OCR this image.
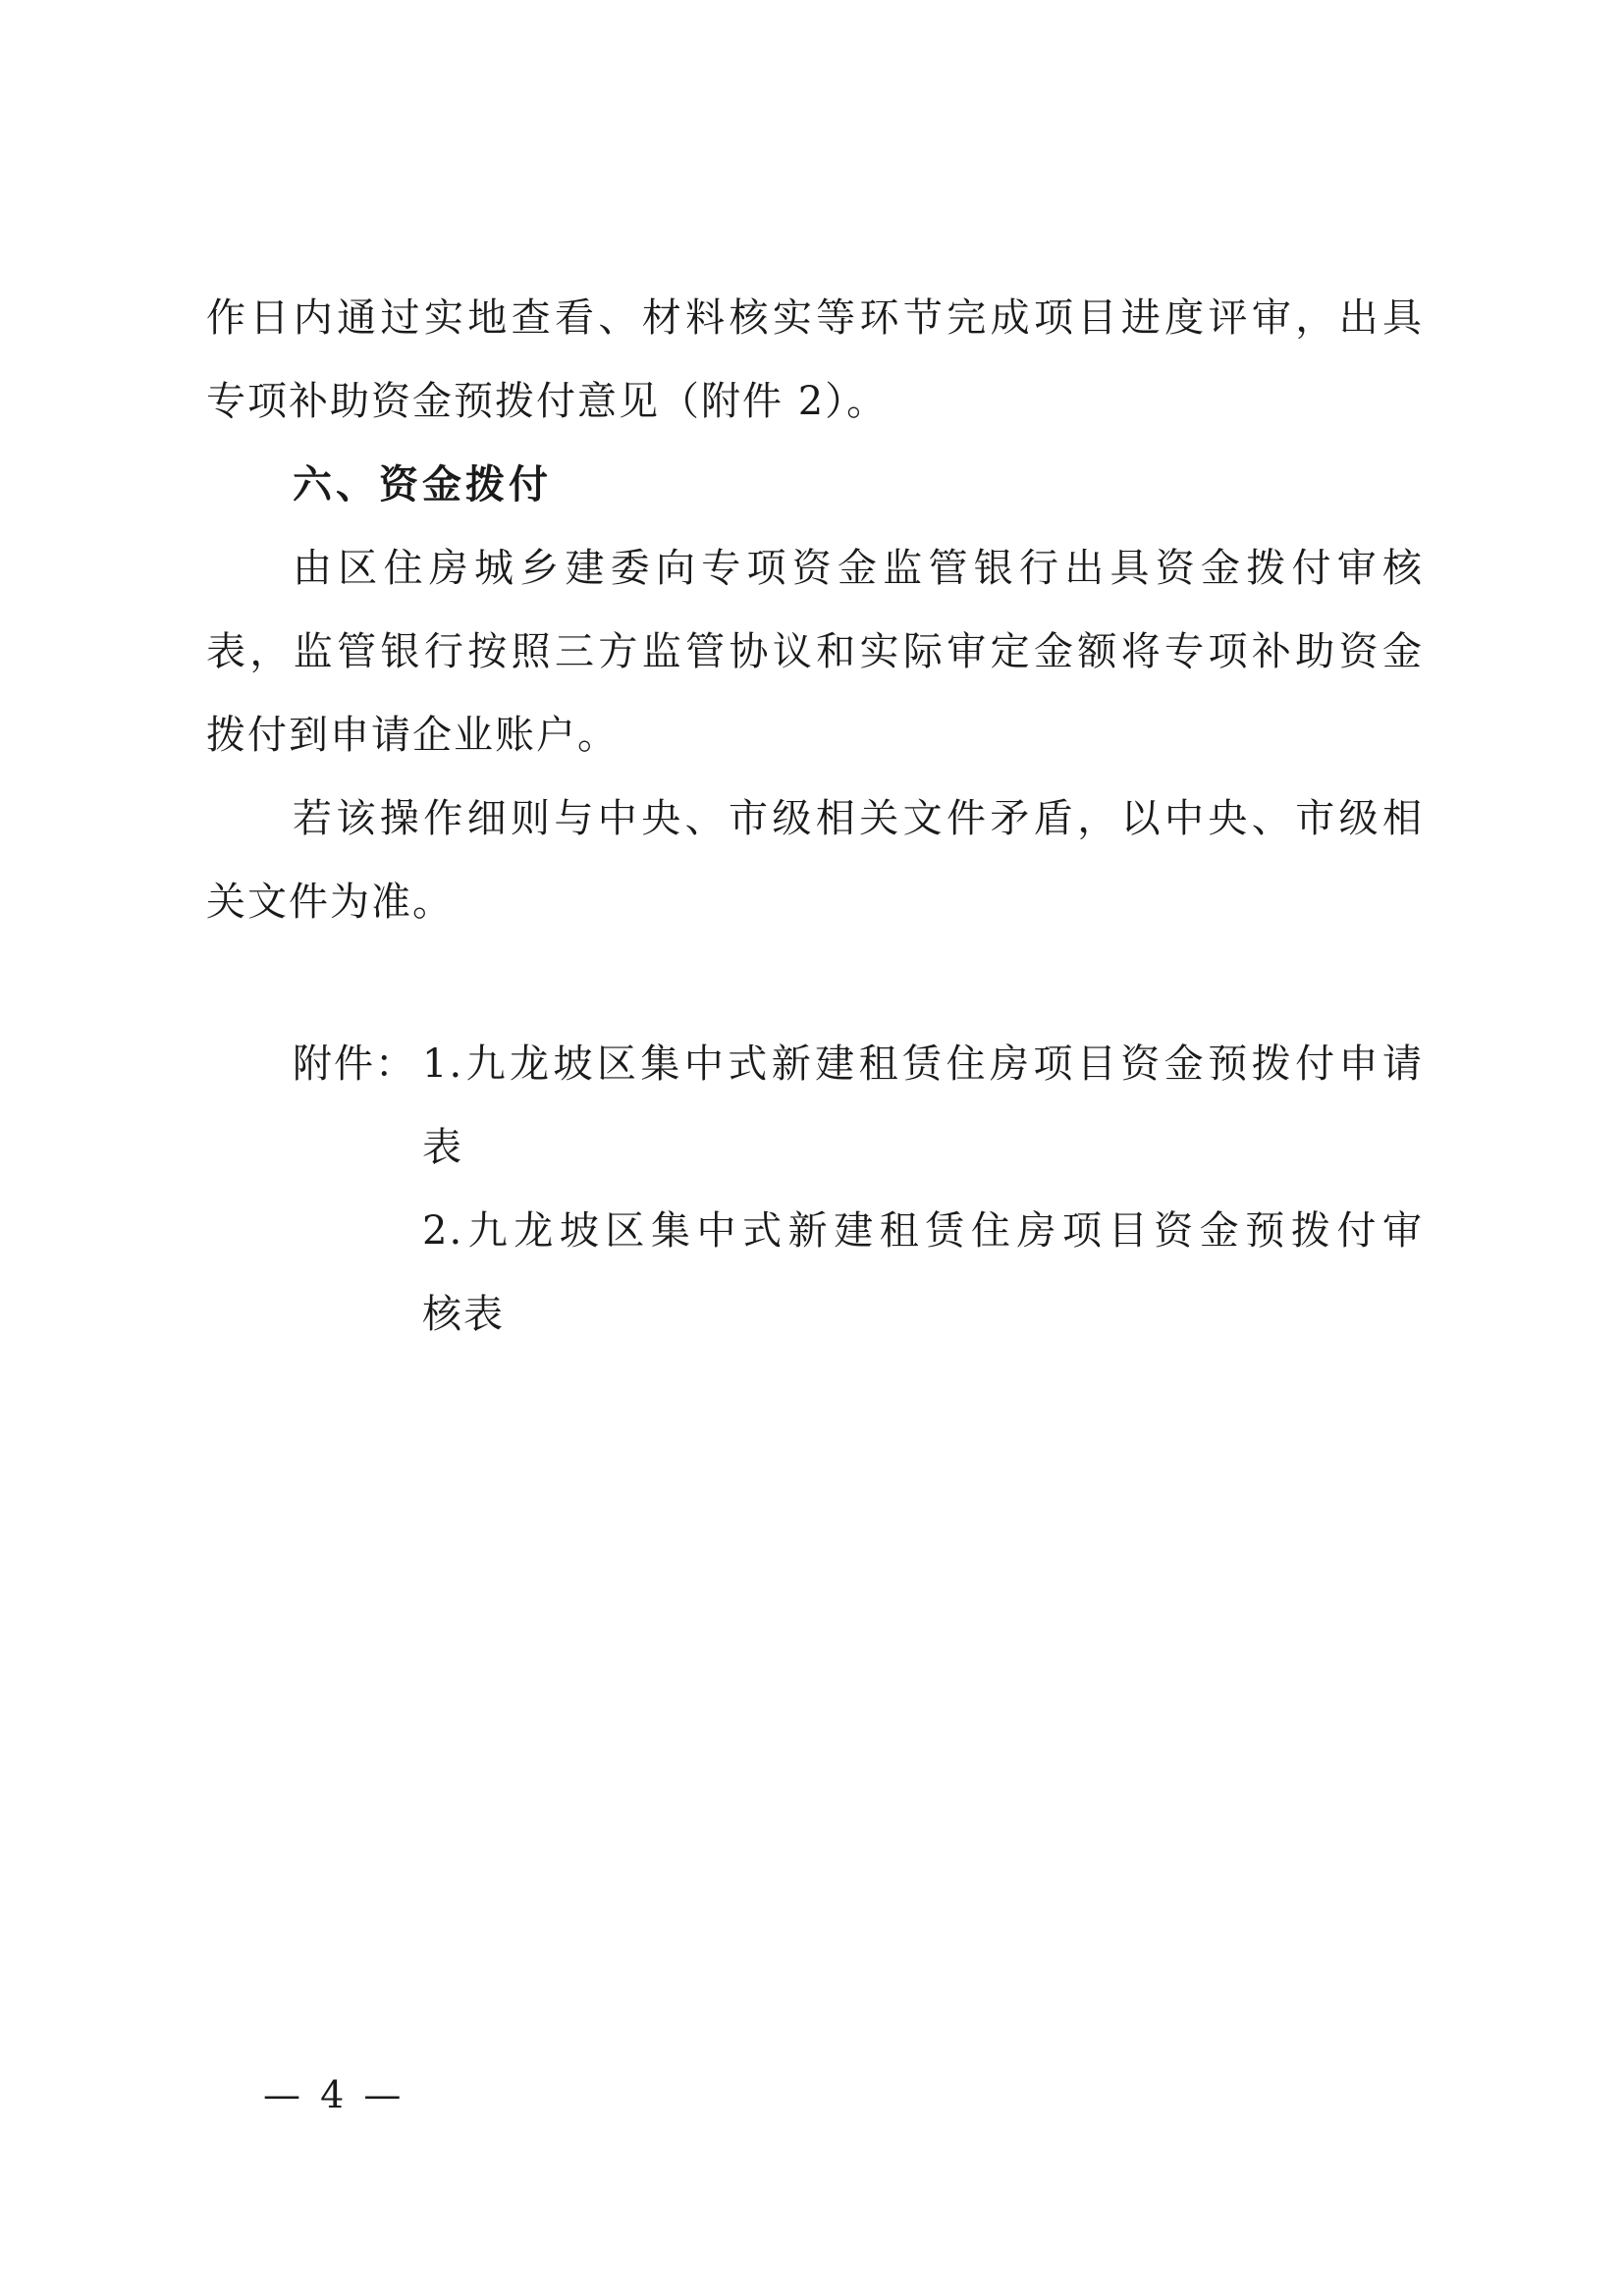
作日内通过实地查看、材料核实等环节完成项目进度评审，出具
专项补助资金预拨付意见（附件 2）。
六、资金拨付
由区住房城乡建委向专项资金监管银行出具资金拨付审核
表，监管银行按照三方监管协议和实际审定金额将专项补助资金
拨付到申请企业账户。
若该操作细则与中央、市级相关文件矛盾，以中央、市级相
关文件为准。
附件： 1.九龙坡区集中式新建租赁住房项目资金预拨付申请
表
2.九龙坡区集中式新建租赁住房项目资金预拨付审
核表
— 4 —
